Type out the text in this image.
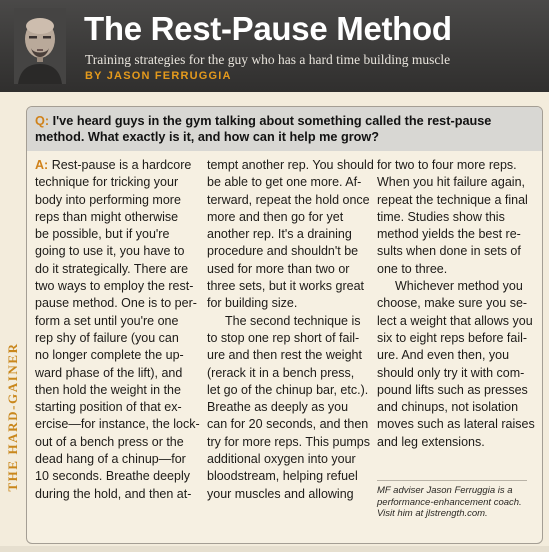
The Rest-Pause Method
Training strategies for the guy who has a hard time building muscle
BY JASON FERRUGGIA
THE HARD-GAINER
Q: I've heard guys in the gym talking about something called the rest-pause method. What exactly is it, and how can it help me grow?

A: Rest-pause is a hardcore

technique for tricking your

body into performing more

reps than might otherwise

be possible, but if you're

going to use it, you have to

do it strategically. There are

two ways to employ the rest-

pause method. One is to per-

form a set until you're one

rep shy of failure (you can

no longer complete the up-

ward phase of the lift), and

then hold the weight in the

starting position of that ex-

ercise—for instance, the lock-

out of a bench press or the

dead hang of a chinup—for

10 seconds. Breathe deeply

during the hold, and then at-

tempt another rep. You should

be able to get one more. Af-

terward, repeat the hold once

more and then go for yet

another rep. It's a draining

procedure and shouldn't be

used for more than two or

three sets, but it works great

for building size.

The second technique is

to stop one rep short of fail-

ure and then rest the weight

(rerack it in a bench press,

let go of the chinup bar, etc.).

Breathe as deeply as you

can for 20 seconds, and then

try for more reps. This pumps

additional oxygen into your

bloodstream, helping refuel

your muscles and allowing

for two to four more reps.

When you hit failure again,

repeat the technique a final

time. Studies show this

method yields the best re-

sults when done in sets of

one to three.

Whichever method you

choose, make sure you se-

lect a weight that allows you

six to eight reps before fail-

ure. And even then, you

should only try it with com-

pound lifts such as presses

and chinups, not isolation

moves such as lateral raises

and leg extensions.

MF adviser Jason Ferruggia is a

performance-enhancement coach.

Visit him at jlstrength.com.
